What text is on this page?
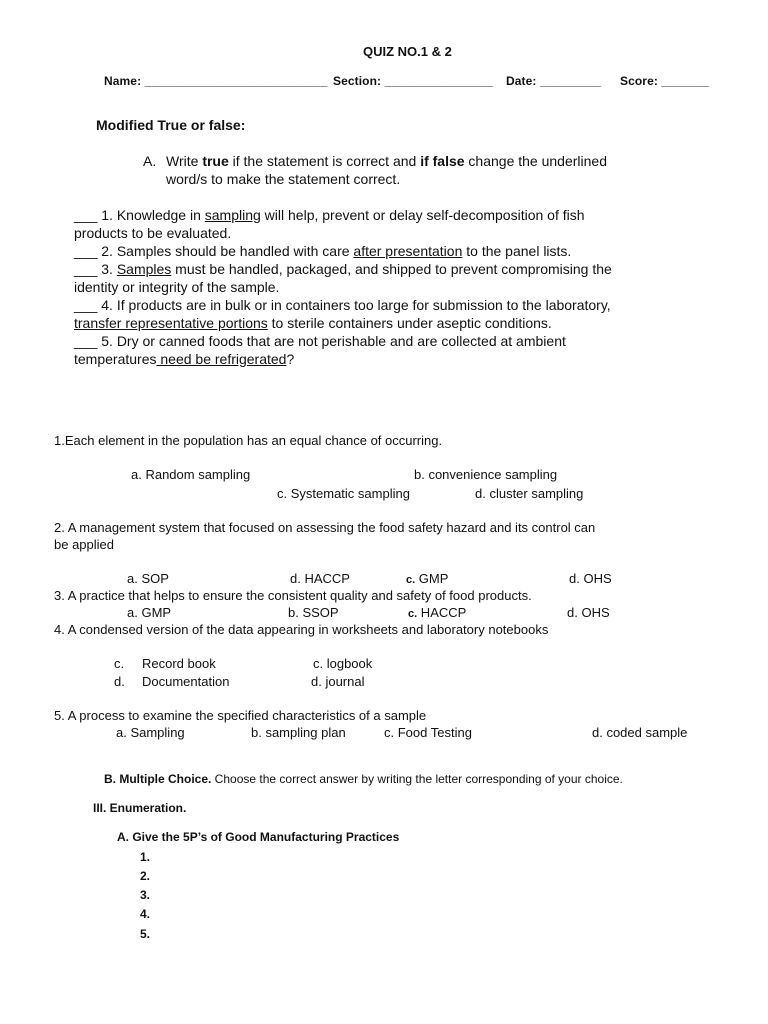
QUIZ NO.1 & 2
Name: ___________________________ Section: ________________ Date: _________ Score: _______
Modified True or false:
A. Write true if the statement is correct and if false change the underlined
word/s to make the statement correct.
___ 1. Knowledge in sampling will help, prevent or delay self-decomposition of fish
products to be evaluated.
___ 2. Samples should be handled with care after presentation to the panel lists.
___ 3. Samples must be handled, packaged, and shipped to prevent compromising the
identity or integrity of the sample.
___ 4. If products are in bulk or in containers too large for submission to the laboratory,
transfer representative portions to sterile containers under aseptic conditions.
___ 5. Dry or canned foods that are not perishable and are collected at ambient
temperatures need be refrigerated?
1.Each element in the population has an equal chance of occurring.
a. Random sampling	b. convenience sampling
c. Systematic sampling	d. cluster sampling
2. A management system that focused on assessing the food safety hazard and its control can
be applied
a. SOP	d. HACCP	c. GMP	d. OHS
3. A practice that helps to ensure the consistent quality and safety of food products.
a. GMP	b. SSOP	c. HACCP	d. OHS
4. A condensed version of the data appearing in worksheets and laboratory notebooks
c. Record book	c. logbook
d. Documentation	d. journal
5. A process to examine the specified characteristics of a sample
a. Sampling	b. sampling plan	c. Food Testing	d. coded sample
B. Multiple Choice. Choose the correct answer by writing the letter corresponding of your choice.
III. Enumeration.
A. Give the 5P’s of Good Manufacturing Practices
1.
2.
3.
4.
5.
